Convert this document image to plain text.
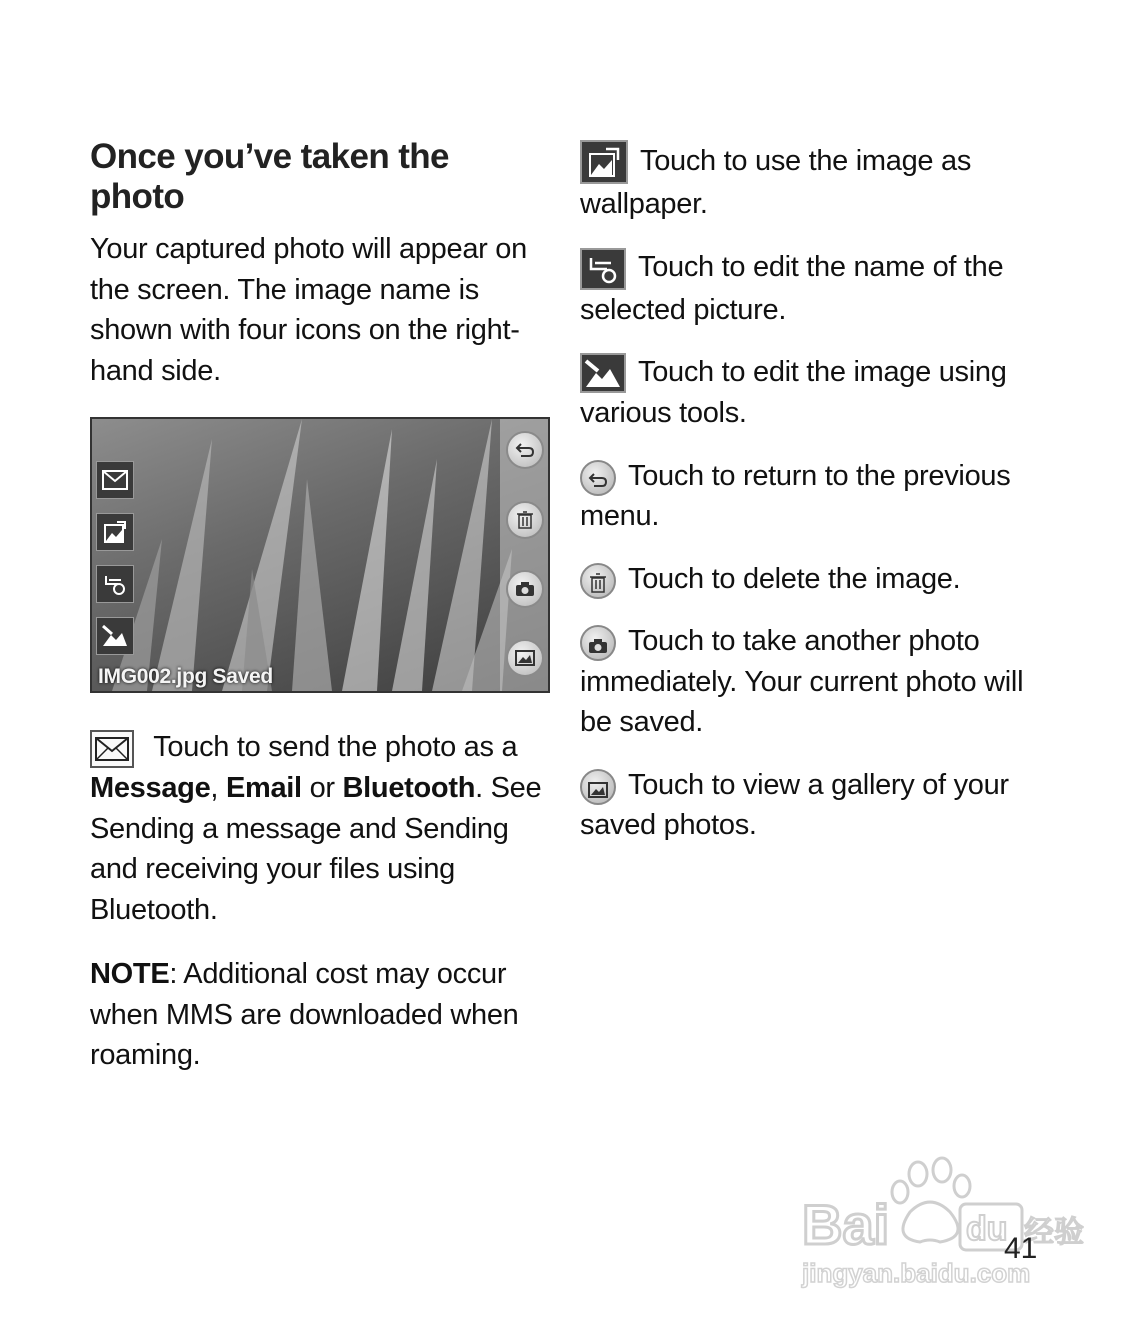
Once you’ve taken the photo

Your captured photo will appear on the screen. The image name is shown with four icons on the right-hand side.

IMG002.jpg Saved

Touch to send the photo as a Message, Email or Bluetooth. See Sending a message and Sending and receiving your files using Bluetooth.

NOTE: Additional cost may occur when MMS are downloaded when roaming.

Touch to use the image as wallpaper.

Touch to edit the name of the selected picture.

Touch to edit the image using various tools.

Touch to return to the previous menu.

Touch to delete the image.

Touch to take another photo immediately. Your current photo will be saved.

Touch to view a gallery of your saved photos.

Bai du 经验
jingyan.baidu.com
41
